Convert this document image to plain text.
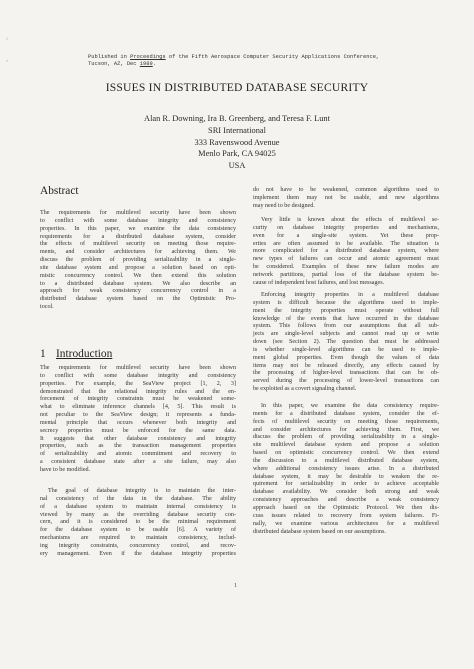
›
›
Published in Proceedings of the Fifth Aerospace Computer Security Applications Conference,
Tucson, AZ, Dec 1989.
ISSUES IN DISTRIBUTED DATABASE SECURITY
Alan R. Downing, Ira B. Greenberg, and Teresa F. Lunt
SRI International
333 Ravenswood Avenue
Menlo Park, CA 94025
USA
Abstract
The requirements for multilevel security have been shown
to conflict with some database integrity and consistency
properties. In this paper, we examine the data consistency
requirements for a distributed database system, consider
the effects of multilevel security on meeting those require-
ments, and consider architectures for achieving them. We
discuss the problem of providing serializability in a single-
site database system and propose a solution based on opti-
mistic concurrency control. We then extend this solution
to a distributed database system. We also describe an
approach for weak consistency concurrency control in a
distributed database system based on the Optimistic Pro-
tocol.
1 Introduction
The requirements for multilevel security have been shown
to conflict with some database integrity and consistency
properties. For example, the SeaView project [1, 2, 3]
demonstrated that the relational integrity rules and the en-
forcement of integrity constraints must be weakened some-
what to eliminate inference channels [4, 5]. This result is
not peculiar to the SeaView design; it represents a funda-
mental principle that occurs whenever both integrity and
secrecy properties must be enforced for the same data.
It suggests that other database consistency and integrity
properties, such as the transaction management properties
of serializability and atomic commitment and recovery to
a consistent database state after a site failure, may also
have to be modified.
The goal of database integrity is to maintain the inter-
nal consistency of the data in the database. The ability
of a database system to maintain internal consistency is
viewed by many as the overriding database security con-
cern, and it is considered to be the minimal requirement
for the database system to be usable [6]. A variety of
mechanisms are required to maintain consistency, includ-
ing integrity constraints, concurrency control, and recov-
ery management. Even if the database integrity properties
do not have to be weakened, common algorithms used to
implement them may not be usable, and new algorithms
may need to be designed.
Very little is known about the effects of multilevel se-
curity on database integrity properties and mechanisms,
even for a single-site system. Yet these prop-
erties are often assumed to be available. The situation is
more complicated for a distributed database system, where
new types of failures can occur and atomic agreement must
be considered. Examples of these new failure modes are
network partitions, partial loss of the database system be-
cause of independent host failures, and lost messages.
Enforcing integrity properties in a multilevel database
system is difficult because the algorithms used to imple-
ment the integrity properties must operate without full
knowledge of the events that have occurred in the database
system. This follows from our assumptions that all sub-
jects are single-level subjects and cannot read up or write
down (see Section 2). The question that must be addressed
is whether single-level algorithms can be used to imple-
ment global properties. Even though the values of data
items may not be released directly, any effects caused by
the processing of higher-level transactions that can be ob-
served during the processing of lower-level transactions can
be exploited as a covert signaling channel.
In this paper, we examine the data consistency require-
ments for a distributed database system, consider the ef-
fects of multilevel security on meeting those requirements,
and consider architectures for achieving them. First, we
discuss the problem of providing serializability in a single-
site multilevel database system and propose a solution
based on optimistic concurrency control. We then extend
the discussion to a multilevel distributed database system,
where additional consistency issues arise. In a distributed
database system, it may be desirable to weaken the re-
quirement for serializability in order to achieve acceptable
database availability. We consider both strong and weak
consistency approaches and describe a weak consistency
approach based on the Optimistic Protocol. We then dis-
cuss issues related to recovery from system failures. Fi-
nally, we examine various architectures for a multilevel
distributed database system based on our assumptions.
1
